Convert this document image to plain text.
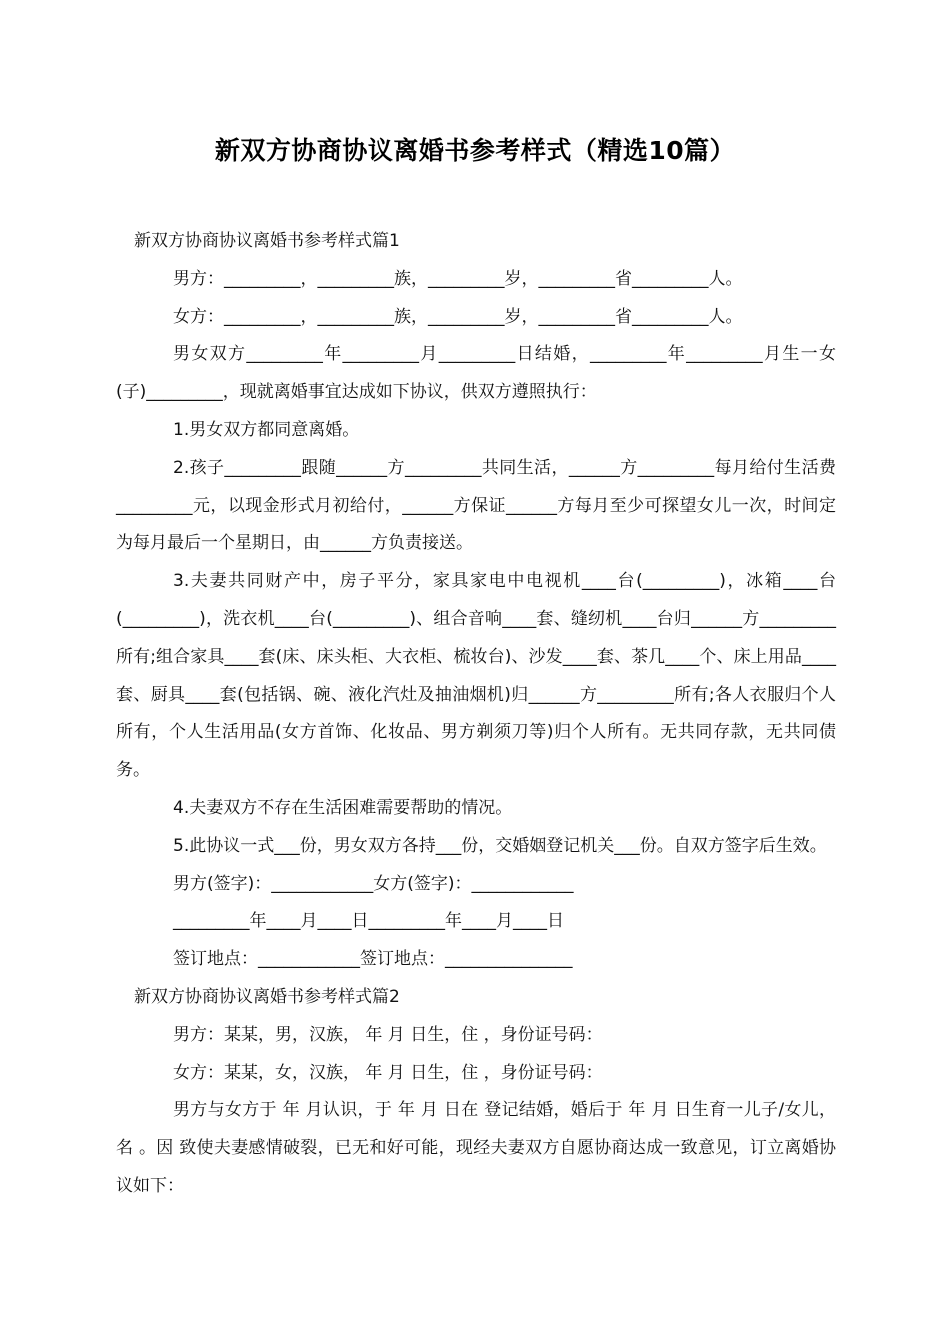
新双方协商协议离婚书参考样式（精选10篇）

新双方协商协议离婚书参考样式篇1

男方：_________，_________族，_________岁，_________省_________人。

女方：_________，_________族，_________岁，_________省_________人。

男女双方_________年_________月_________日结婚，_________年_________月生一女(子)_________，现就离婚事宜达成如下协议，供双方遵照执行：

1.男女双方都同意离婚。

2.孩子_________跟随______方_________共同生活，______方_________每月给付生活费_________元，以现金形式月初给付，______方保证______方每月至少可探望女儿一次，时间定为每月最后一个星期日，由______方负责接送。

3.夫妻共同财产中，房子平分，家具家电中电视机____台(_________)，冰箱____台(_________)，洗衣机____台(_________)、组合音响____套、缝纫机____台归______方_________所有;组合家具____套(床、床头柜、大衣柜、梳妆台)、沙发____套、茶几____个、床上用品____套、厨具____套(包括锅、碗、液化汽灶及抽油烟机)归______方_________所有;各人衣服归个人所有，个人生活用品(女方首饰、化妆品、男方剃须刀等)归个人所有。无共同存款，无共同债务。

4.夫妻双方不存在生活困难需要帮助的情况。

5.此协议一式___份，男女双方各持___份，交婚姻登记机关___份。自双方签字后生效。

男方(签字)：____________女方(签字)：____________

_________年____月____日_________年____月____日

签订地点：____________签订地点：_______________

新双方协商协议离婚书参考样式篇2

男方：某某，男，汉族， 年 月 日生，住 ，身份证号码：

女方：某某，女，汉族， 年 月 日生，住 ，身份证号码：

男方与女方于 年 月认识，于 年 月 日在 登记结婚，婚后于 年 月 日生育一儿子/女儿，名 。因 致使夫妻感情破裂，已无和好可能，现经夫妻双方自愿协商达成一致意见，订立离婚协议如下：
